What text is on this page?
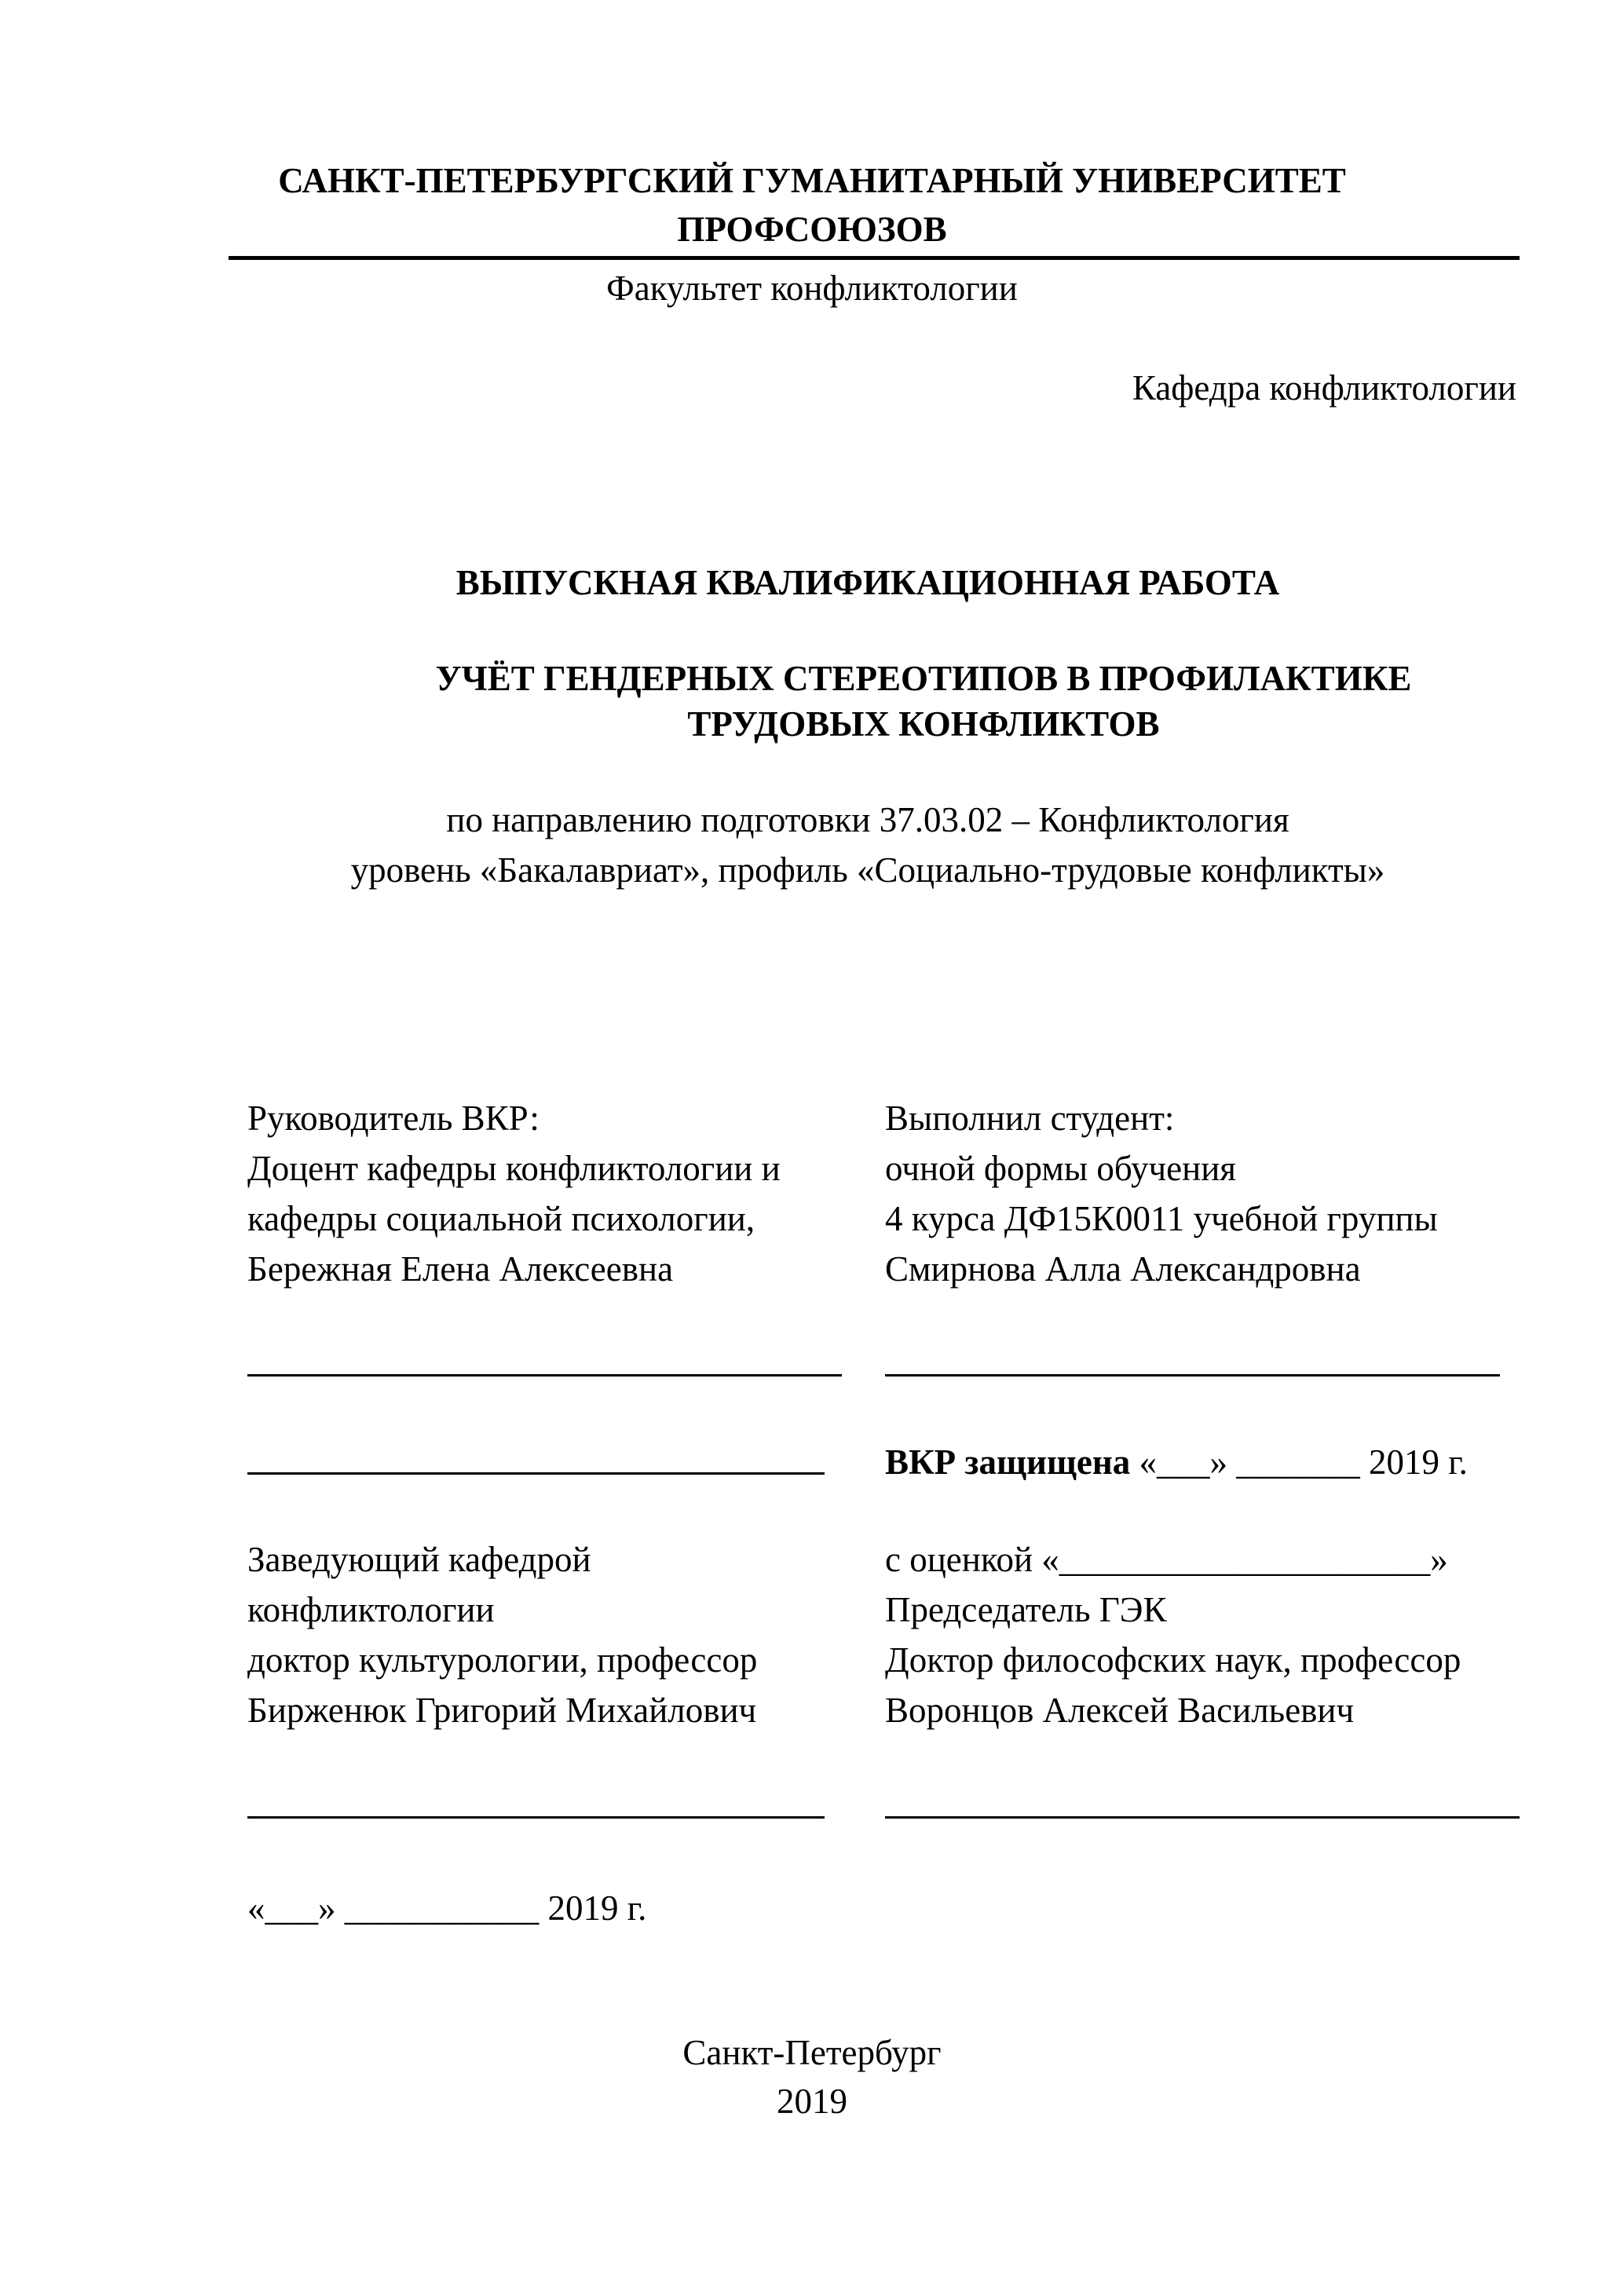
САНКТ-ПЕТЕРБУРГСКИЙ ГУМАНИТАРНЫЙ УНИВЕРСИТЕТ
ПРОФСОЮЗОВ
Факультет конфликтологии
Кафедра конфликтологии
ВЫПУСКНАЯ КВАЛИФИКАЦИОННАЯ РАБОТА
УЧЁТ ГЕНДЕРНЫХ СТЕРЕОТИПОВ В ПРОФИЛАКТИКЕ
ТРУДОВЫХ КОНФЛИКТОВ
по направлению подготовки 37.03.02 – Конфликтология
уровень «Бакалавриат», профиль «Социально-трудовые конфликты»
Руководитель ВКР:
Доцент кафедры конфликтологии и
кафедры социальной психологии,
Бережная Елена Алексеевна
Выполнил студент:
очной формы обучения
4 курса ДФ15К0011 учебной группы
Смирнова Алла Александровна
ВКР защищена «___» _______ 2019 г.
Заведующий кафедрой
конфликтологии
доктор культурологии, профессор
Бирженюк Григорий Михайлович
с оценкой «_____________________»
Председатель ГЭК
Доктор философских наук, профессор
Воронцов Алексей Васильевич
«___» ___________ 2019 г.
Санкт-Петербург
2019
